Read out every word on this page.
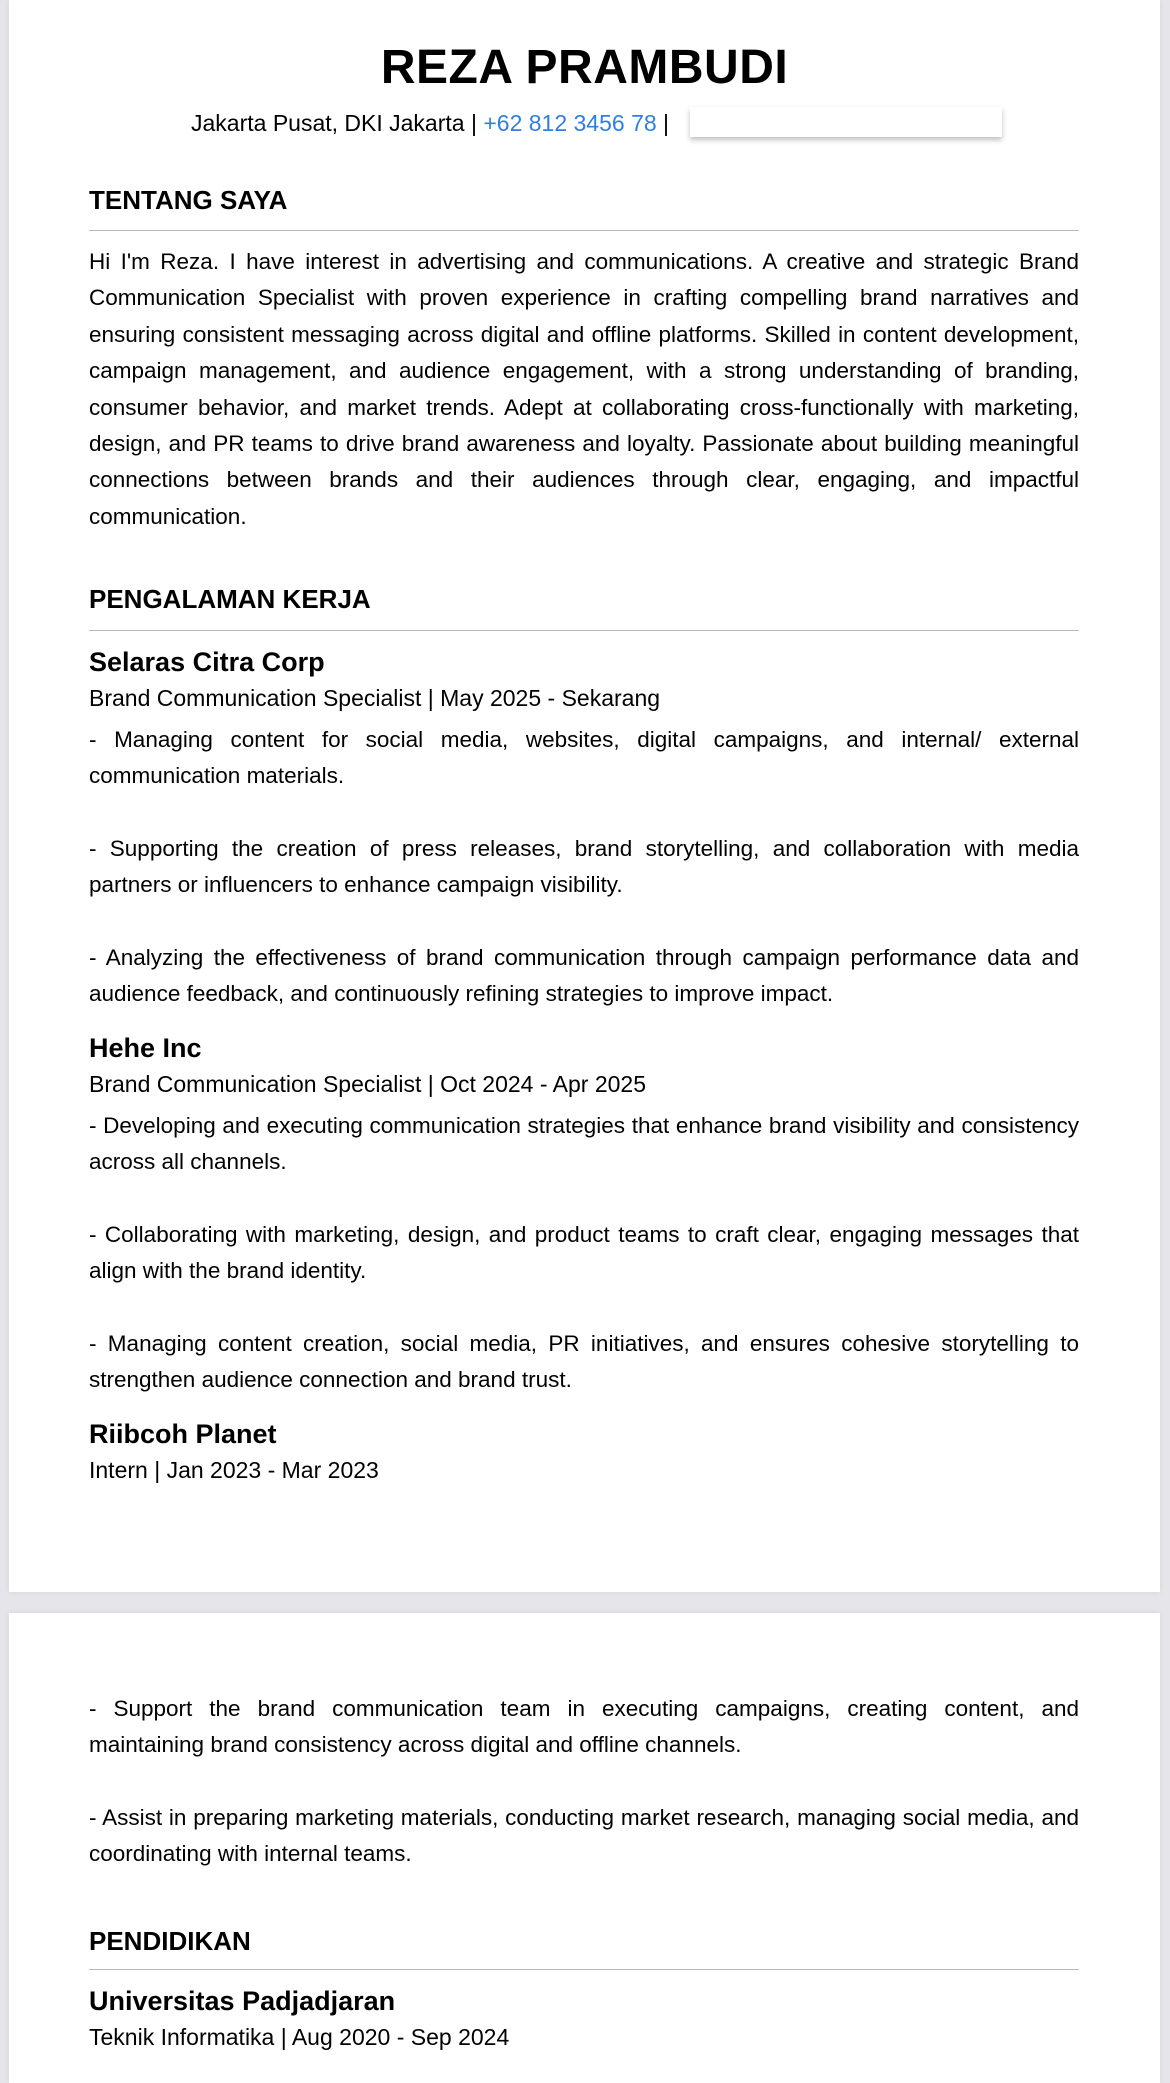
REZA PRAMBUDI
Jakarta Pusat, DKI Jakarta | +62 812 3456 78 |
TENTANG SAYA

Hi I'm Reza. I have interest in advertising and communications. A creative and strategic Brand Communication Specialist with proven experience in crafting compelling brand narratives and ensuring consistent messaging across digital and offline platforms. Skilled in content development, campaign management, and audience engagement, with a strong understanding of branding, consumer behavior, and market trends. Adept at collaborating cross-functionally with marketing, design, and PR teams to drive brand awareness and loyalty. Passionate about building meaningful connections between brands and their audiences through clear, engaging, and impactful communication.

PENGALAMAN KERJA
Selaras Citra Corp
Brand Communication Specialist | May 2025 - Sekarang

- Managing content for social media, websites, digital campaigns, and internal/ external communication materials.

- Supporting the creation of press releases, brand storytelling, and collaboration with media partners or influencers to enhance campaign visibility.

- Analyzing the effectiveness of brand communication through campaign performance data and audience feedback, and continuously refining strategies to improve impact.

Hehe Inc
Brand Communication Specialist | Oct 2024 - Apr 2025

- Developing and executing communication strategies that enhance brand visibility and consistency across all channels.

- Collaborating with marketing, design, and product teams to craft clear, engaging messages that align with the brand identity.

- Managing content creation, social media, PR initiatives, and ensures cohesive storytelling to strengthen audience connection and brand trust.

Riibcoh Planet
Intern | Jan 2023 - Mar 2023

- Support the brand communication team in executing campaigns, creating content, and maintaining brand consistency across digital and offline channels.

- Assist in preparing marketing materials, conducting market research, managing social media, and coordinating with internal teams.

PENDIDIKAN
Universitas Padjadjaran
Teknik Informatika | Aug 2020 - Sep 2024
